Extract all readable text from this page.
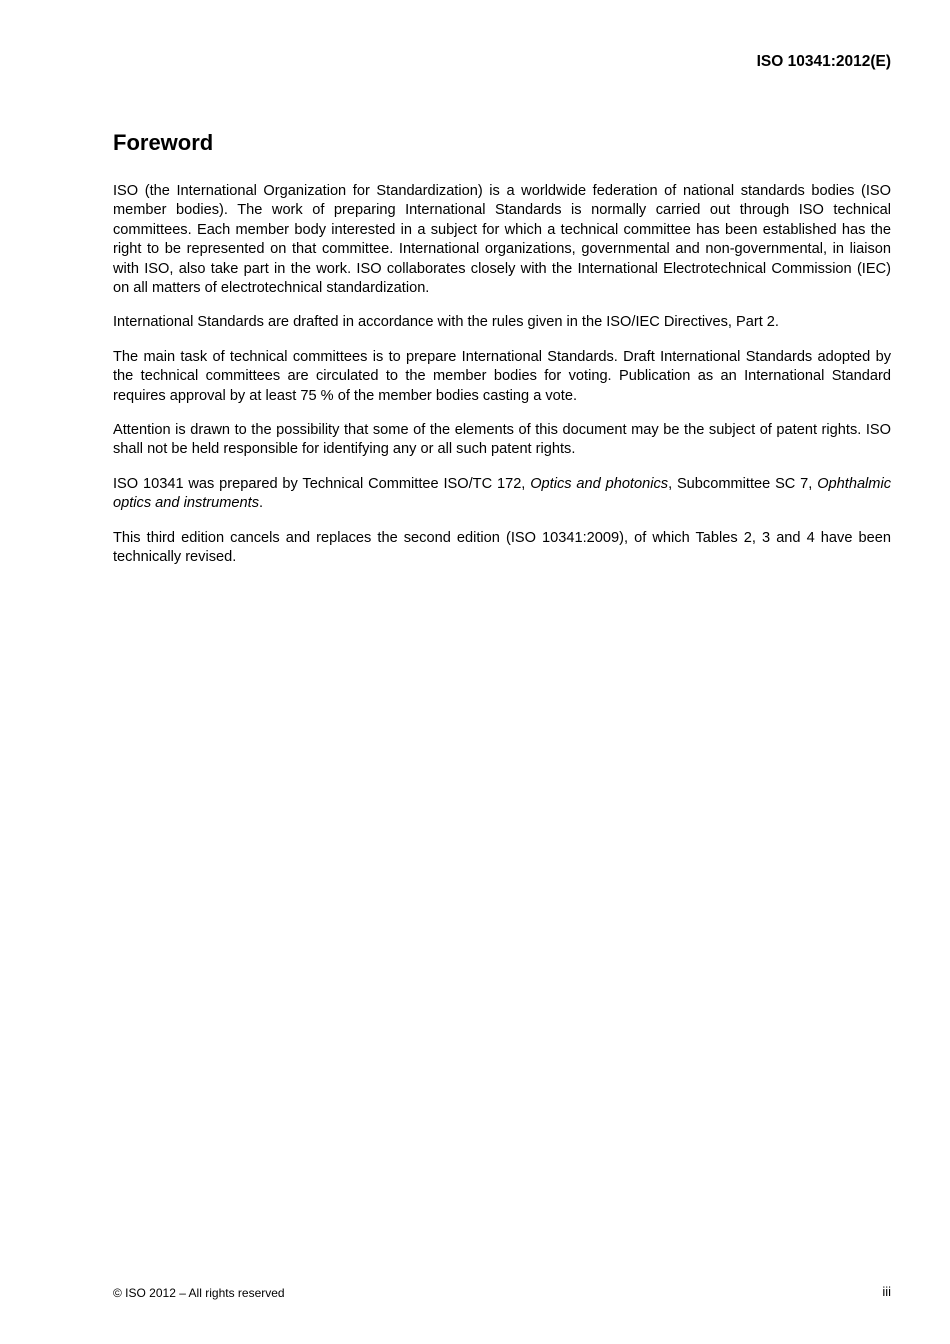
ISO 10341:2012(E)
Foreword

ISO (the International Organization for Standardization) is a worldwide federation of national standards bodies (ISO member bodies). The work of preparing International Standards is normally carried out through ISO technical committees. Each member body interested in a subject for which a technical committee has been established has the right to be represented on that committee. International organizations, governmental and non-governmental, in liaison with ISO, also take part in the work. ISO collaborates closely with the International Electrotechnical Commission (IEC) on all matters of electrotechnical standardization.

International Standards are drafted in accordance with the rules given in the ISO/IEC Directives, Part 2.

The main task of technical committees is to prepare International Standards. Draft International Standards adopted by the technical committees are circulated to the member bodies for voting. Publication as an International Standard requires approval by at least 75 % of the member bodies casting a vote.

Attention is drawn to the possibility that some of the elements of this document may be the subject of patent rights. ISO shall not be held responsible for identifying any or all such patent rights.

ISO 10341 was prepared by Technical Committee ISO/TC 172, Optics and photonics, Subcommittee SC 7, Ophthalmic optics and instruments.

This third edition cancels and replaces the second edition (ISO 10341:2009), of which Tables 2, 3 and 4 have been technically revised.

© ISO 2012 – All rights reserved	iii
